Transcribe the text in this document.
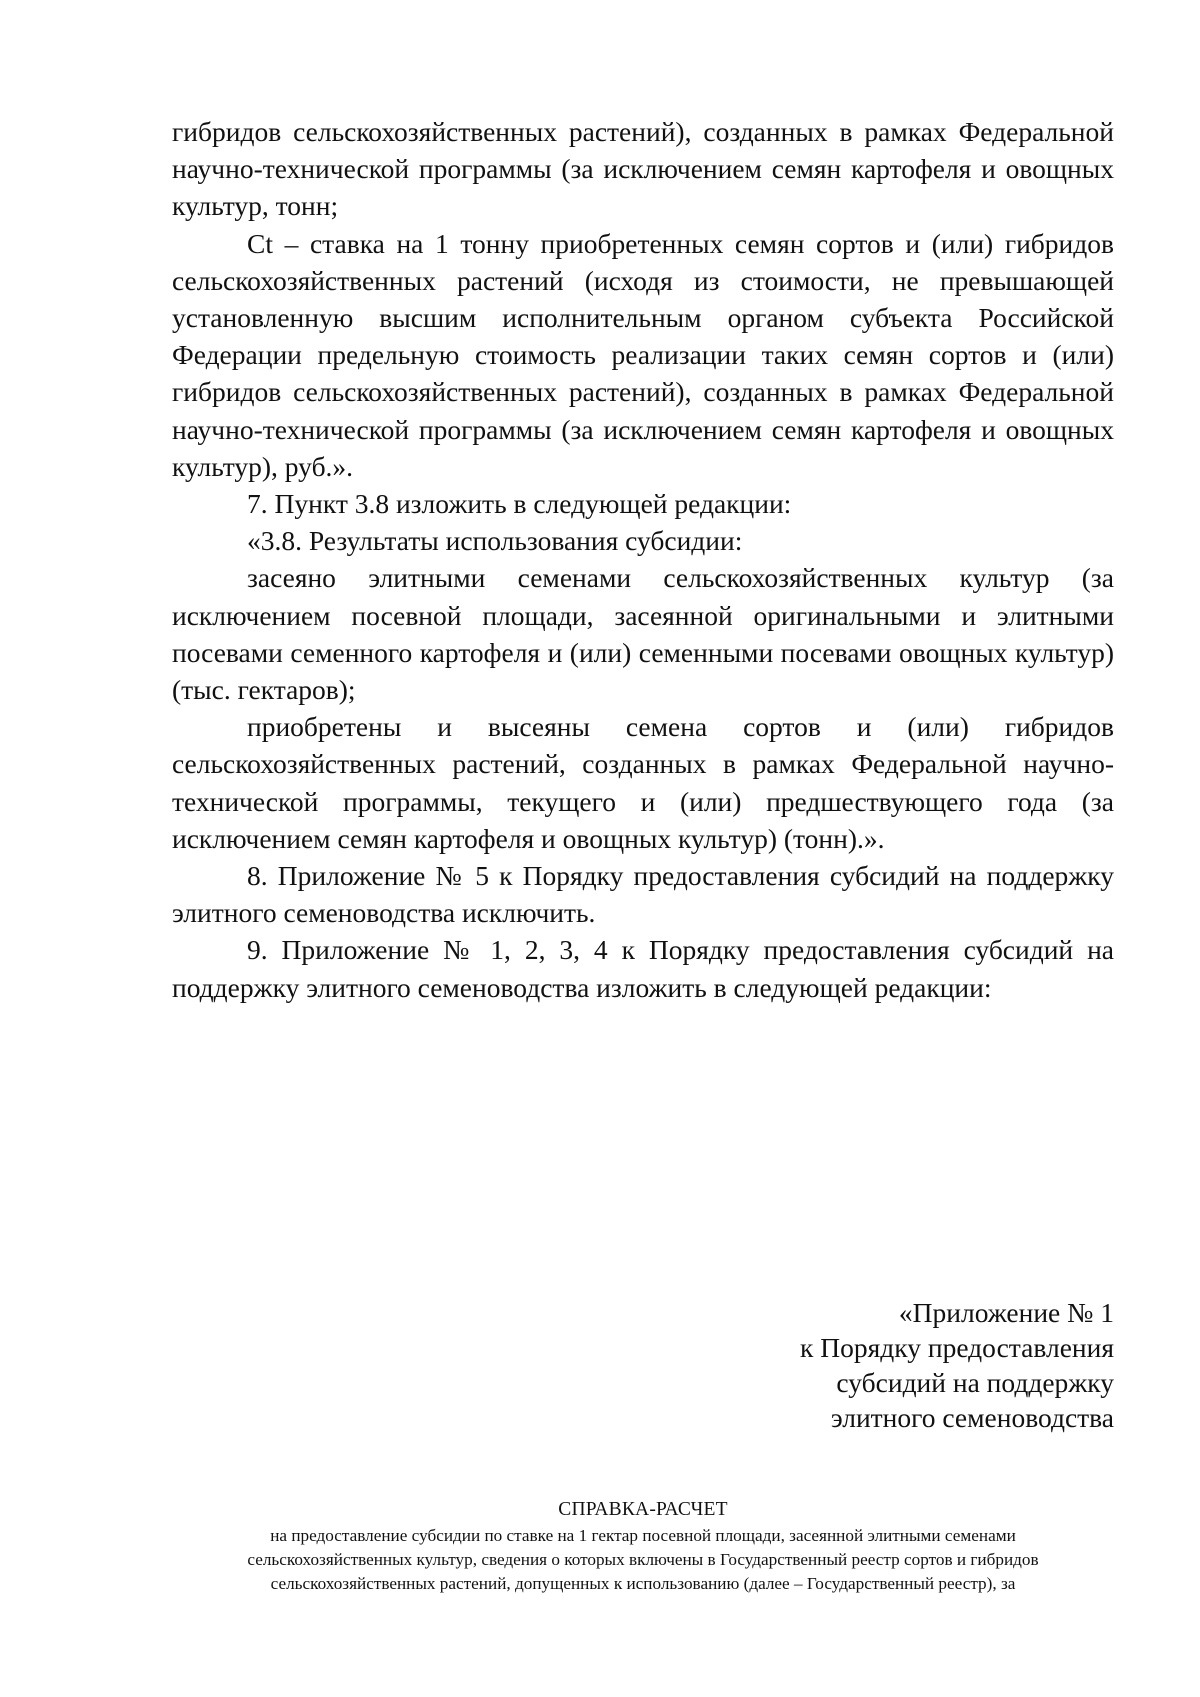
гибридов сельскохозяйственных растений), созданных в рамках Федеральной научно-технической программы (за исключением семян картофеля и овощных культур, тонн;

Ct – ставка на 1 тонну приобретенных семян сортов и (или) гибридов сельскохозяйственных растений (исходя из стоимости, не превышающей установленную высшим исполнительным органом субъекта Российской Федерации предельную стоимость реализации таких семян сортов и (или) гибридов сельскохозяйственных растений), созданных в рамках Федеральной научно-технической программы (за исключением семян картофеля и овощных культур), руб.».

7. Пункт 3.8 изложить в следующей редакции:

«3.8. Результаты использования субсидии:

засеяно элитными семенами сельскохозяйственных культур (за исключением посевной площади, засеянной оригинальными и элитными посевами семенного картофеля и (или) семенными посевами овощных культур) (тыс. гектаров);

приобретены и высеяны семена сортов и (или) гибридов сельскохозяйственных растений, созданных в рамках Федеральной научно-технической программы, текущего и (или) предшествующего года (за исключением семян картофеля и овощных культур) (тонн).».

8. Приложение № 5 к Порядку предоставления субсидий на поддержку элитного семеноводства исключить.

9. Приложение № 1, 2, 3, 4 к Порядку предоставления субсидий на поддержку элитного семеноводства изложить в следующей редакции:

«Приложение № 1
к Порядку предоставления
субсидий на поддержку
элитного семеноводства
СПРАВКА-РАСЧЕТ
на предоставление субсидии по ставке на 1 гектар посевной площади, засеянной элитными семенами
сельскохозяйственных культур, сведения о которых включены в Государственный реестр сортов и гибридов
сельскохозяйственных растений, допущенных к использованию (далее – Государственный реестр), за
